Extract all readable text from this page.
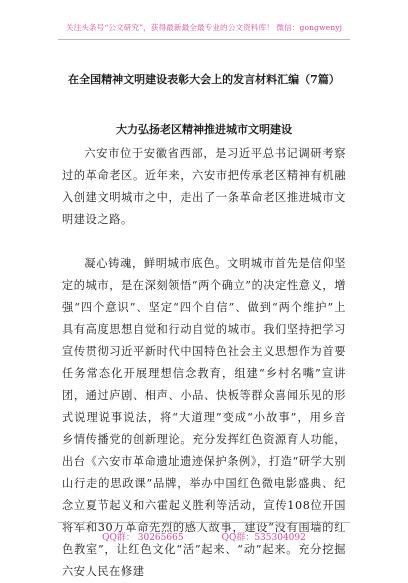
关注头条号“公文研究”，获得最新最全最专业的公文资料库！ 微信：gongwenyj
在全国精神文明建设表彰大会上的发言材料汇编（7篇）
大力弘扬老区精神推进城市文明建设

六安市位于安徽省西部，是习近平总书记调研考察过的革命老区。近年来，六安市把传承老区精神有机融入创建文明城市之中，走出了一条革命老区推进城市文明建设之路。

凝心铸魂，鲜明城市底色。文明城市首先是信仰坚定的城市，是在深刻领悟“两个确立”的决定性意义，增强“四个意识”、坚定“四个自信”、做到“两个维护”上具有高度思想自觉和行动自觉的城市。我们坚持把学习宣传贯彻习近平新时代中国特色社会主义思想作为首要任务常态化开展理想信念教育，组建“乡村名嘴”宣讲团，通过庐剧、相声、小品、快板等群众喜闻乐见的形式说理说事说法，将“大道理”变成“小故事”，用乡音乡情传播党的创新理论。充分发挥红色资源育人功能，出台《六安市革命遗址遗迹保护条例》，打造“研学大别山行走的思政课”品牌，举办中国红色微电影盛典、纪念立夏节起义和六霍起义胜利等活动，宣传108位开国将军和30万革命先烈的感人故事，建设“没有围墙的红色教室”，让红色文化“活”起来、“动”起来。充分挖掘六安人民在修建

QQ群： 30265665	QQ群：535304092
